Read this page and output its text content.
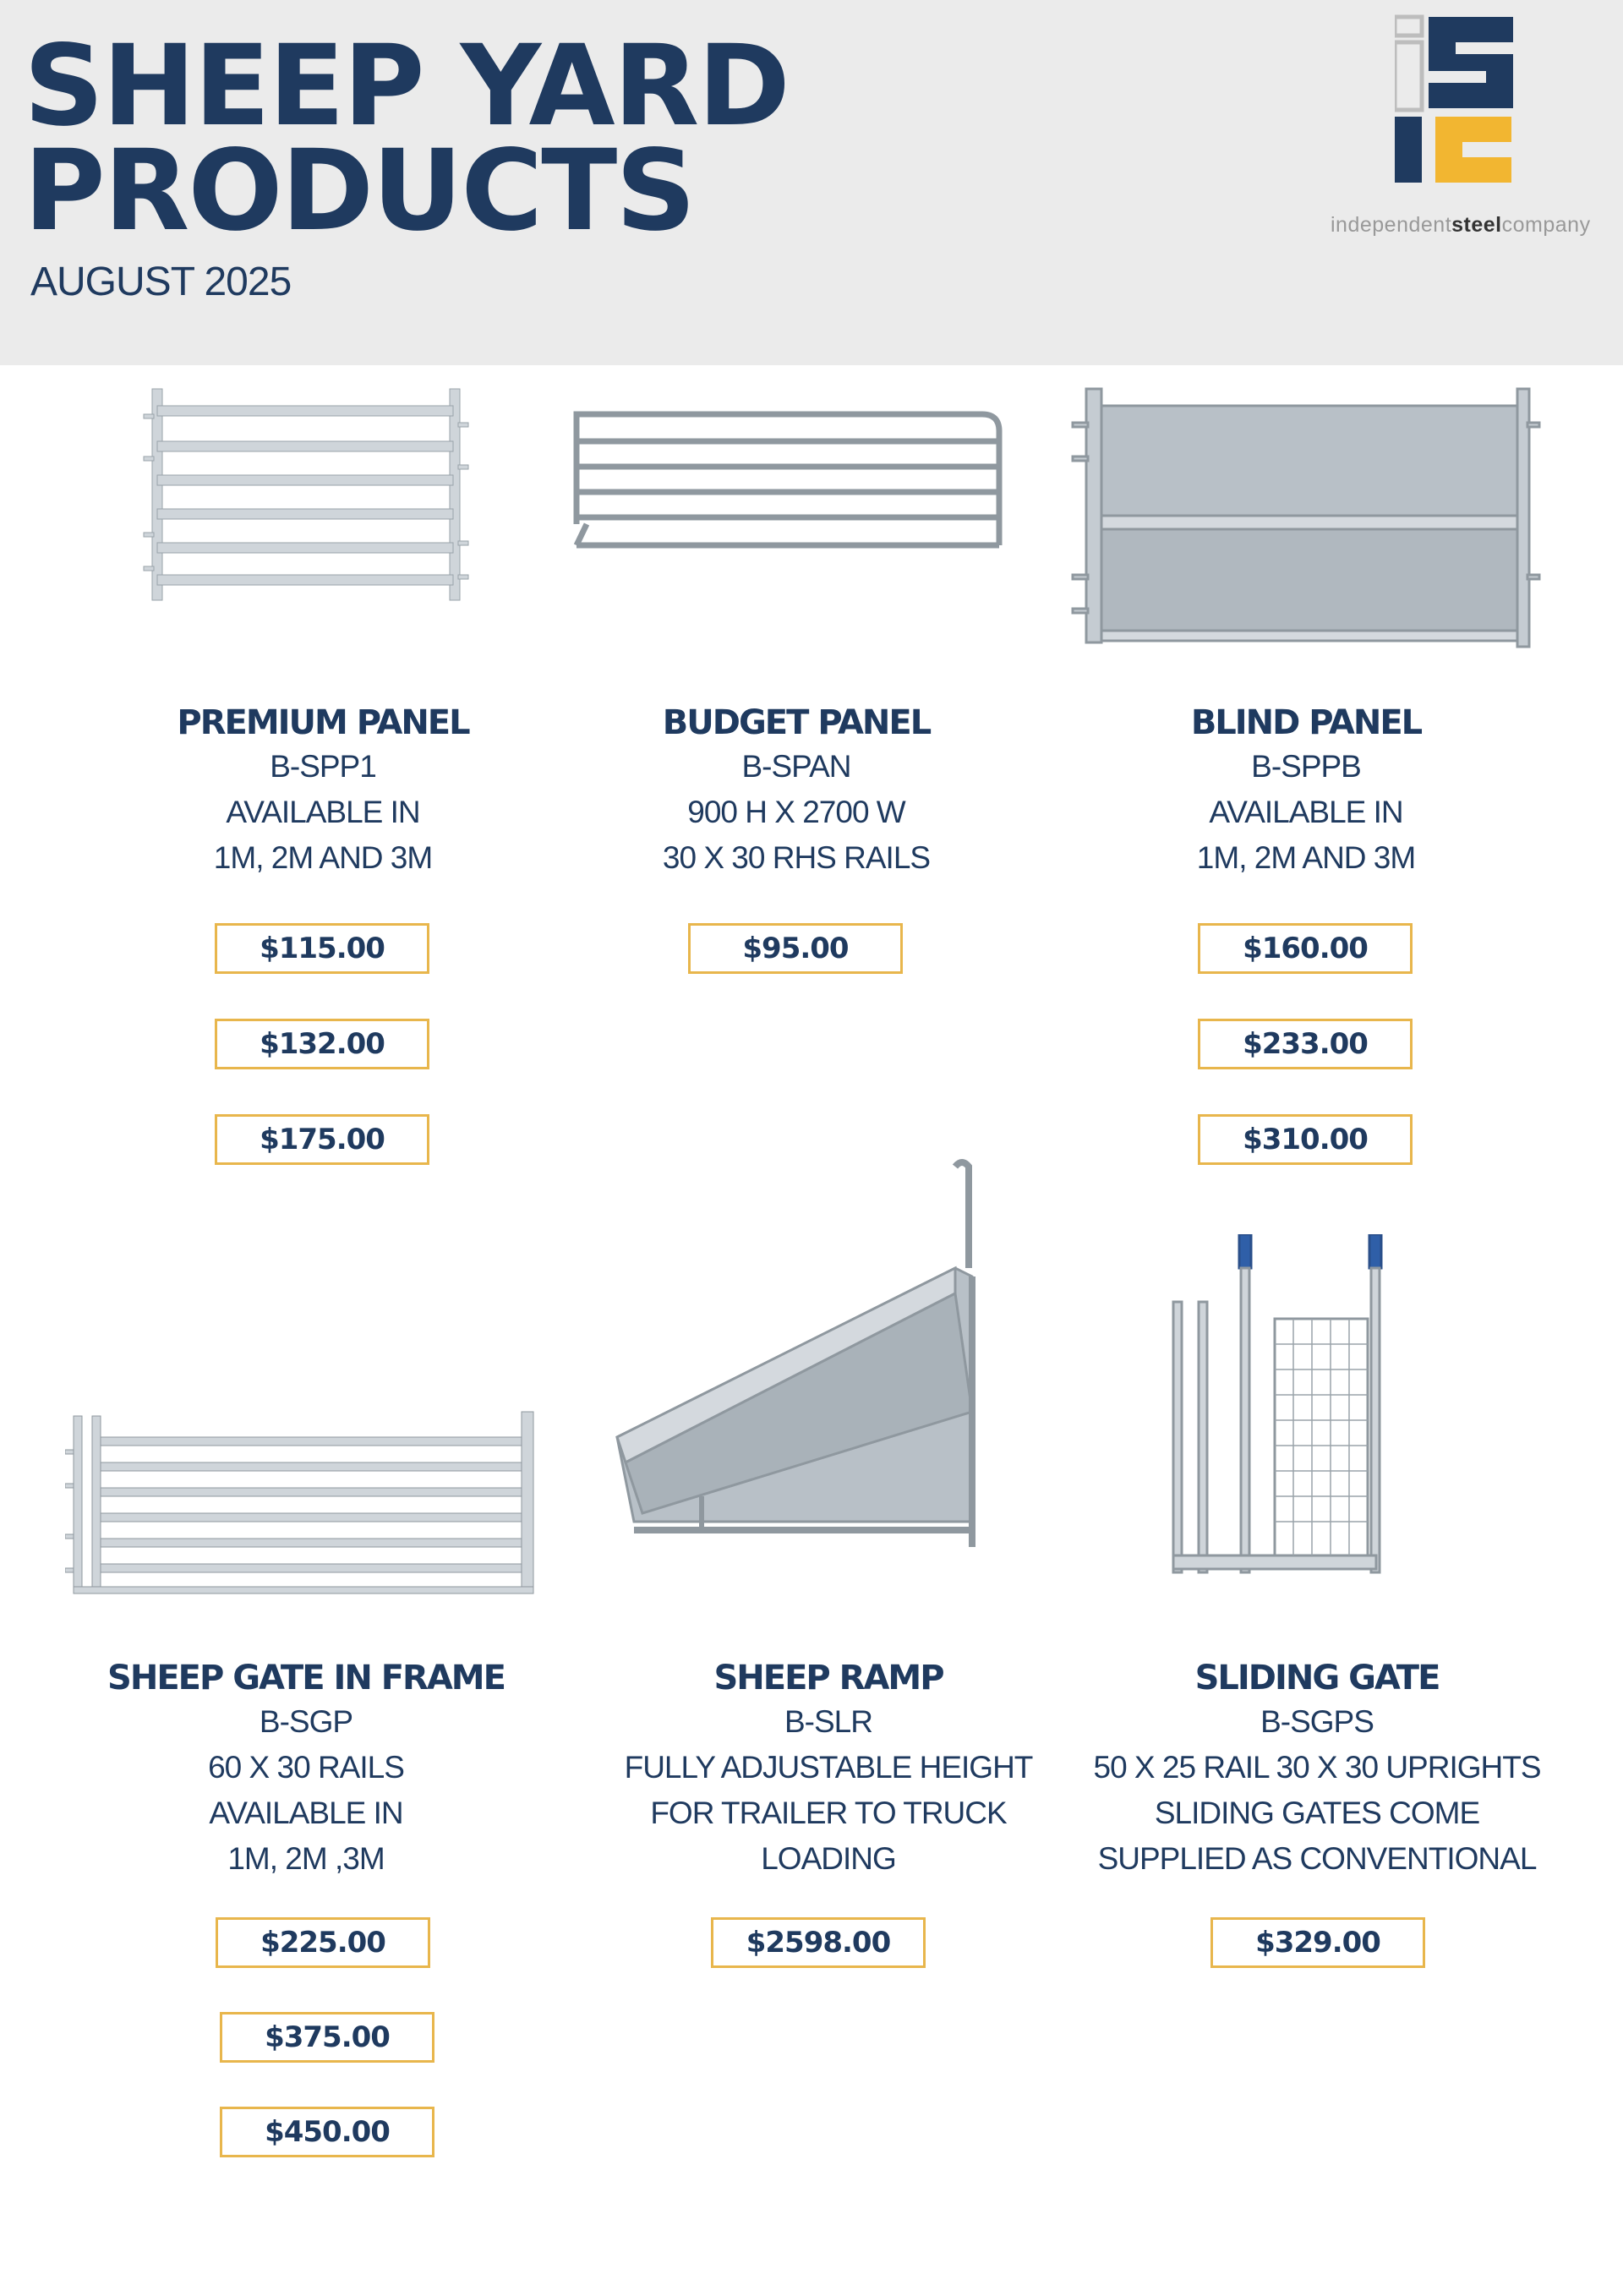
SHEEP YARD
PRODUCTS
AUGUST 2025
independentsteelcompany
PREMIUM PANEL
B-SPP1
AVAILABLE IN
1M, 2M AND 3M
$115.00
$132.00
$175.00
BUDGET PANEL
B-SPAN
900 H X 2700 W
30 X 30 RHS RAILS
$95.00
BLIND PANEL
B-SPPB
AVAILABLE IN
1M, 2M AND 3M
$160.00
$233.00
$310.00
SHEEP GATE IN FRAME
B-SGP
60 X 30 RAILS
AVAILABLE IN
1M, 2M ,3M
$225.00
$375.00
$450.00
SHEEP RAMP
B-SLR
FULLY ADJUSTABLE HEIGHT
FOR TRAILER TO TRUCK
LOADING
$2598.00
SLIDING GATE
B-SGPS
50 X 25 RAIL 30 X 30 UPRIGHTS
SLIDING GATES COME
SUPPLIED AS CONVENTIONAL
$329.00
